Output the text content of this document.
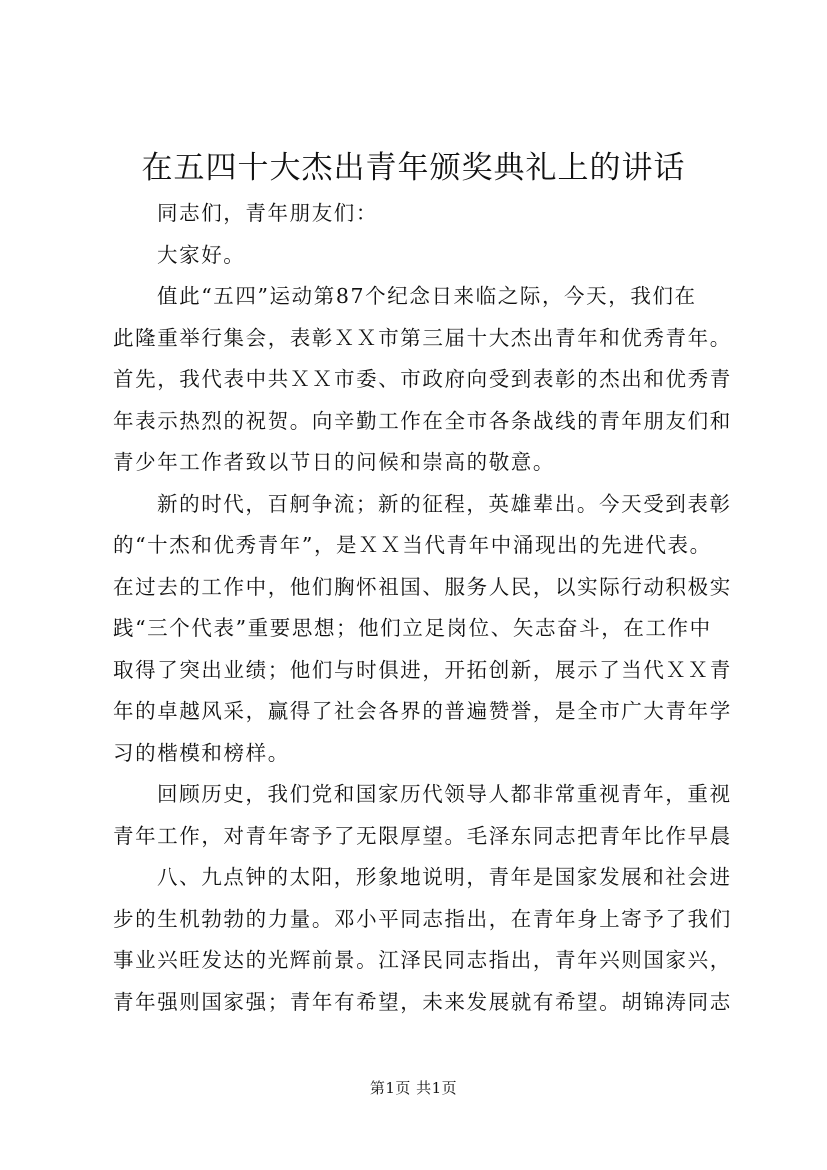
在五四十大杰出青年颁奖典礼上的讲话
同志们，青年朋友们：
大家好。
值此“五四”运动第87个纪念日来临之际，今天，我们在
此隆重举行集会，表彰ＸＸ市第三届十大杰出青年和优秀青年。
首先，我代表中共ＸＸ市委、市政府向受到表彰的杰出和优秀青
年表示热烈的祝贺。向辛勤工作在全市各条战线的青年朋友们和
青少年工作者致以节日的问候和崇高的敬意。
新的时代，百舸争流；新的征程，英雄辈出。今天受到表彰
的“十杰和优秀青年”，是ＸＸ当代青年中涌现出的先进代表。
在过去的工作中，他们胸怀祖国、服务人民，以实际行动积极实
践“三个代表”重要思想；他们立足岗位、矢志奋斗，在工作中
取得了突出业绩；他们与时俱进，开拓创新，展示了当代ＸＸ青
年的卓越风采，赢得了社会各界的普遍赞誉，是全市广大青年学
习的楷模和榜样。
回顾历史，我们党和国家历代领导人都非常重视青年，重视
青年工作，对青年寄予了无限厚望。毛泽东同志把青年比作早晨
八、九点钟的太阳，形象地说明，青年是国家发展和社会进
步的生机勃勃的力量。邓小平同志指出，在青年身上寄予了我们
事业兴旺发达的光辉前景。江泽民同志指出，青年兴则国家兴，
青年强则国家强；青年有希望，未来发展就有希望。胡锦涛同志
第1页 共1页
